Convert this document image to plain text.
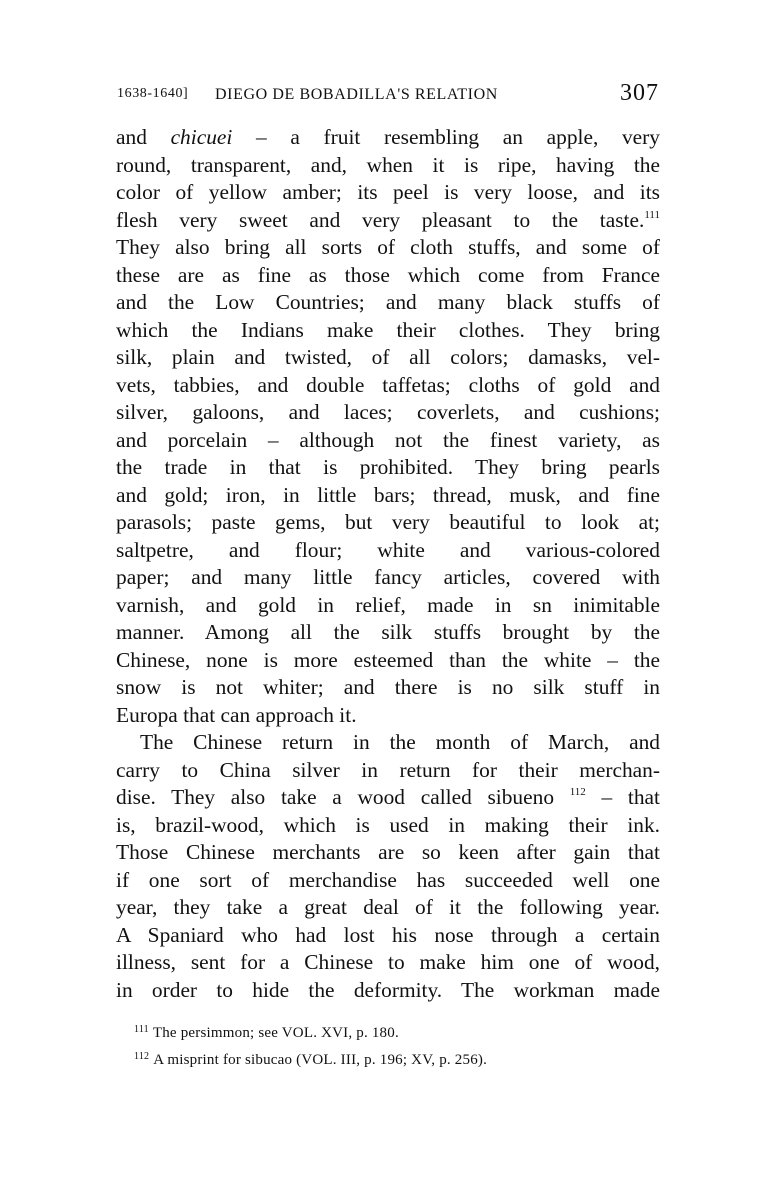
1638-1640] DIEGO DE BOBADILLA'S RELATION	307
and chicuei – a fruit resembling an apple, very
round, transparent, and, when it is ripe, having the
color of yellow amber; its peel is very loose, and its
flesh very sweet and very pleasant to the taste.$^{111}$
They also bring all sorts of cloth stuffs, and some of
these are as fine as those which come from France
and the Low Countries; and many black stuffs of
which the Indians make their clothes. They bring
silk, plain and twisted, of all colors; damasks, vel-
vets, tabbies, and double taffetas; cloths of gold and
silver, galoons, and laces; coverlets, and cushions;
and porcelain – although not the finest variety, as
the trade in that is prohibited. They bring pearls
and gold; iron, in little bars; thread, musk, and fine
parasols; paste gems, but very beautiful to look at;
saltpetre, and flour; white and various-colored
paper; and many little fancy articles, covered with
varnish, and gold in relief, made in sn inimitable
manner. Among all the silk stuffs brought by the
Chinese, none is more esteemed than the white – the
snow is not whiter; and there is no silk stuff in
Europa that can approach it.
The Chinese return in the month of March, and
carry to China silver in return for their merchan-
dise. They also take a wood called sibueno $^{112}$ – that
is, brazil-wood, which is used in making their ink.
Those Chinese merchants are so keen after gain that
if one sort of merchandise has succeeded well one
year, they take a great deal of it the following year.
A Spaniard who had lost his nose through a certain
illness, sent for a Chinese to make him one of wood,
in order to hide the deformity. The workman made
$^{111}$ The persimmon; see VOL. XVI, p. 180.
$^{112}$ A misprint for sibucao (VOL. III, p. 196; XV, p. 256).
